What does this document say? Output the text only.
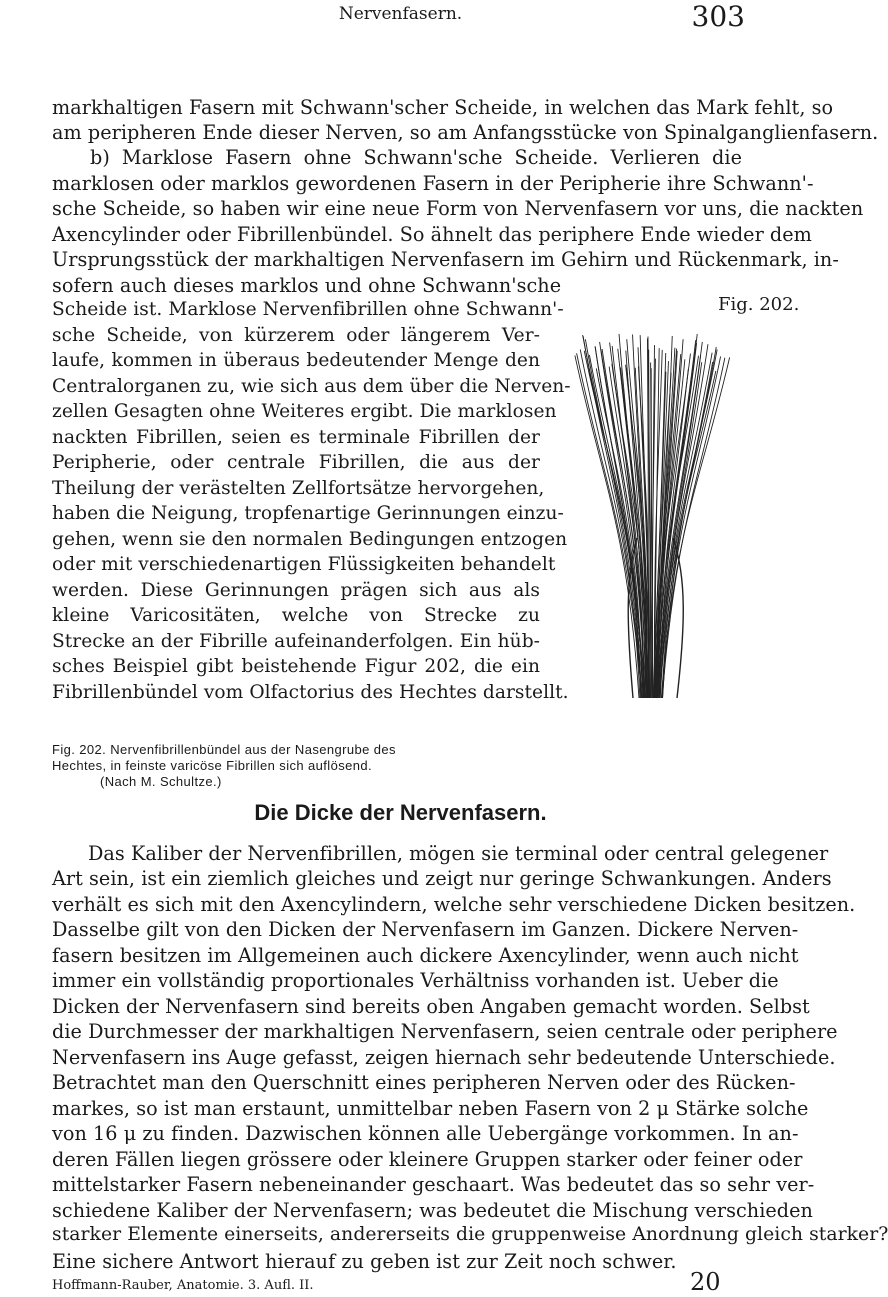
Nervenfasern.	303
markhaltigen Fasern mit Schwann'scher Scheide, in welchen das Mark fehlt, so
am peripheren Ende dieser Nerven, so am Anfangsstücke von Spinalganglienfasern.
b) Marklose Fasern ohne Schwann'sche Scheide. Verlieren die
marklosen oder marklos gewordenen Fasern in der Peripherie ihre Schwann'-
sche Scheide, so haben wir eine neue Form von Nervenfasern vor uns, die nackten
Axencylinder oder Fibrillenbündel. So ähnelt das periphere Ende wieder dem
Ursprungsstück der markhaltigen Nervenfasern im Gehirn und Rückenmark, in-
sofern auch dieses marklos und ohne Schwann'sche
Scheide ist. Marklose Nervenfibrillen ohne Schwann'-
sche Scheide, von kürzerem oder längerem Ver-
laufe, kommen in überaus bedeutender Menge den
Centralorganen zu, wie sich aus dem über die Nerven-
zellen Gesagten ohne Weiteres ergibt. Die marklosen
nackten Fibrillen, seien es terminale Fibrillen der
Peripherie, oder centrale Fibrillen, die aus der
Theilung der verästelten Zellfortsätze hervorgehen,
haben die Neigung, tropfenartige Gerinnungen einzu-
gehen, wenn sie den normalen Bedingungen entzogen
oder mit verschiedenartigen Flüssigkeiten behandelt
werden. Diese Gerinnungen prägen sich aus als
kleine Varicositäten, welche von Strecke zu
Strecke an der Fibrille aufeinanderfolgen. Ein hüb-
sches Beispiel gibt beistehende Figur 202, die ein
Fibrillenbündel vom Olfactorius des Hechtes darstellt.
Fig. 202.
Fig. 202. Nervenfibrillenbündel aus der Nasengrube des
Hechtes, in feinste varicöse Fibrillen sich auflösend.
(Nach M. Schultze.)
Die Dicke der Nervenfasern.
Das Kaliber der Nervenfibrillen, mögen sie terminal oder central gelegener
Art sein, ist ein ziemlich gleiches und zeigt nur geringe Schwankungen. Anders
verhält es sich mit den Axencylindern, welche sehr verschiedene Dicken besitzen.
Dasselbe gilt von den Dicken der Nervenfasern im Ganzen. Dickere Nerven-
fasern besitzen im Allgemeinen auch dickere Axencylinder, wenn auch nicht
immer ein vollständig proportionales Verhältniss vorhanden ist. Ueber die
Dicken der Nervenfasern sind bereits oben Angaben gemacht worden. Selbst
die Durchmesser der markhaltigen Nervenfasern, seien centrale oder periphere
Nervenfasern ins Auge gefasst, zeigen hiernach sehr bedeutende Unterschiede.
Betrachtet man den Querschnitt eines peripheren Nerven oder des Rücken-
markes, so ist man erstaunt, unmittelbar neben Fasern von 2 μ Stärke solche
von 16 μ zu finden. Dazwischen können alle Uebergänge vorkommen. In an-
deren Fällen liegen grössere oder kleinere Gruppen starker oder feiner oder
mittelstarker Fasern nebeneinander geschaart. Was bedeutet das so sehr ver-
schiedene Kaliber der Nervenfasern; was bedeutet die Mischung verschieden
starker Elemente einerseits, andererseits die gruppenweise Anordnung gleich starker?
Eine sichere Antwort hierauf zu geben ist zur Zeit noch schwer.
Hoffmann-Rauber, Anatomie. 3. Aufl. II.	20
